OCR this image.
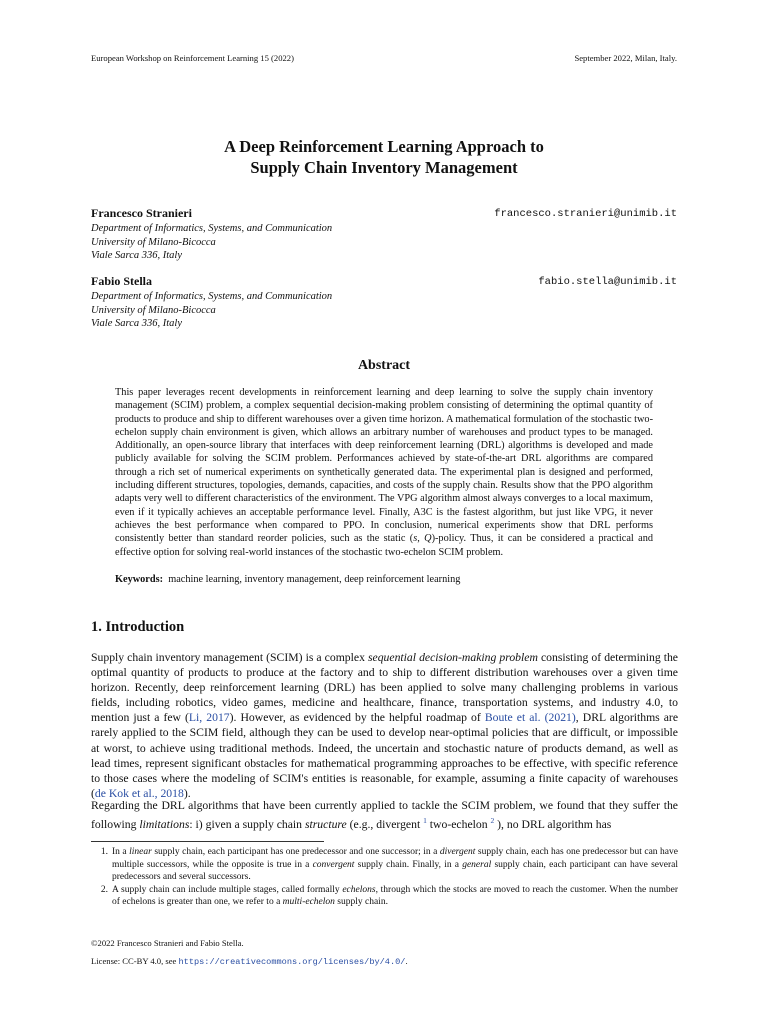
European Workshop on Reinforcement Learning 15 (2022)	September 2022, Milan, Italy.
A Deep Reinforcement Learning Approach to
Supply Chain Inventory Management
Francesco Stranieri
Department of Informatics, Systems, and Communication
University of Milano-Bicocca
Viale Sarca 336, Italy
francesco.stranieri@unimib.it
Fabio Stella
Department of Informatics, Systems, and Communication
University of Milano-Bicocca
Viale Sarca 336, Italy
fabio.stella@unimib.it
Abstract
This paper leverages recent developments in reinforcement learning and deep learning to solve the supply chain inventory management (SCIM) problem, a complex sequential decision-making problem consisting of determining the optimal quantity of products to produce and ship to different warehouses over a given time horizon. A mathematical formulation of the stochastic two-echelon supply chain environment is given, which allows an arbitrary number of warehouses and product types to be managed. Additionally, an open-source library that interfaces with deep reinforcement learning (DRL) algorithms is developed and made publicly available for solving the SCIM problem. Performances achieved by state-of-the-art DRL algorithms are compared through a rich set of numerical experiments on synthetically generated data. The experimental plan is designed and performed, including different structures, topologies, demands, capacities, and costs of the supply chain. Results show that the PPO algorithm adapts very well to different characteristics of the environment. The VPG algorithm almost always converges to a local maximum, even if it typically achieves an acceptable performance level. Finally, A3C is the fastest algorithm, but just like VPG, it never achieves the best performance when compared to PPO. In conclusion, numerical experiments show that DRL performs consistently better than standard reorder policies, such as the static (s, Q)-policy. Thus, it can be considered a practical and effective option for solving real-world instances of the stochastic two-echelon SCIM problem.
Keywords: machine learning, inventory management, deep reinforcement learning
1. Introduction
Supply chain inventory management (SCIM) is a complex sequential decision-making problem consisting of determining the optimal quantity of products to produce at the factory and to ship to different distribution warehouses over a given time horizon. Recently, deep reinforcement learning (DRL) has been applied to solve many challenging problems in various fields, including robotics, video games, medicine and healthcare, finance, transportation systems, and industry 4.0, to mention just a few (Li, 2017). However, as evidenced by the helpful roadmap of Boute et al. (2021), DRL algorithms are rarely applied to the SCIM field, although they can be used to develop near-optimal policies that are difficult, or impossible at worst, to achieve using traditional methods. Indeed, the uncertain and stochastic nature of products demand, as well as lead times, represent significant obstacles for mathematical programming approaches to be effective, with specific reference to those cases where the modeling of SCIM's entities is reasonable, for example, assuming a finite capacity of warehouses (de Kok et al., 2018).
Regarding the DRL algorithms that have been currently applied to tackle the SCIM problem, we found that they suffer the following limitations: i) given a supply chain structure (e.g., divergent $^1$ two-echelon $^2$ ), no DRL algorithm has
1. In a linear supply chain, each participant has one predecessor and one successor; in a divergent supply chain, each has one predecessor but can have multiple successors, while the opposite is true in a convergent supply chain. Finally, in a general supply chain, each participant can have several predecessors and several successors.
2. A supply chain can include multiple stages, called formally echelons, through which the stocks are moved to reach the customer. When the number of echelons is greater than one, we refer to a multi-echelon supply chain.
©2022 Francesco Stranieri and Fabio Stella.
License: CC-BY 4.0, see https://creativecommons.org/licenses/by/4.0/.
